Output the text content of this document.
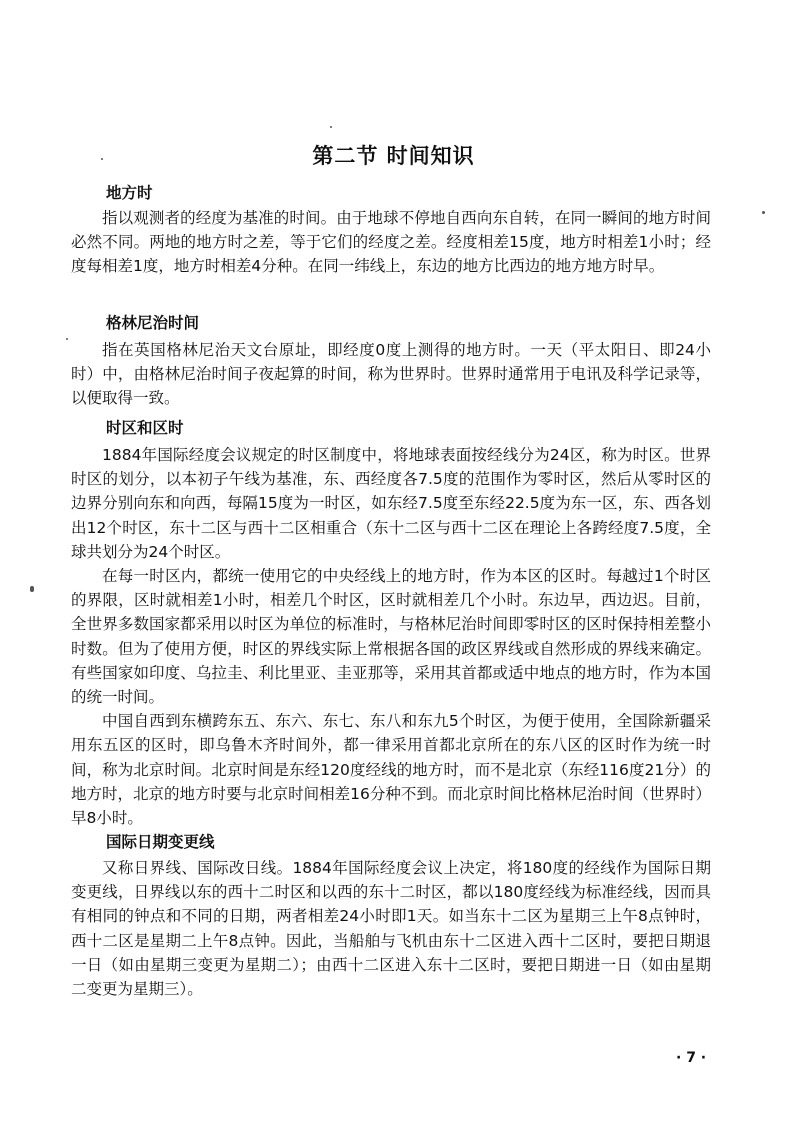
第二节 时间知识
地方时

指以观测者的经度为基准的时间。由于地球不停地自西向东自转，在同一瞬间的地方时间必然不同。两地的地方时之差，等于它们的经度之差。经度相差15度，地方时相差1小时；经度每相差1度，地方时相差4分种。在同一纬线上，东边的地方比西边的地方地方时早。

格林尼治时间

指在英国格林尼治天文台原址，即经度0度上测得的地方时。一天（平太阳日、即24小时）中，由格林尼治时间子夜起算的时间，称为世界时。世界时通常用于电讯及科学记录等，以便取得一致。

时区和区时

1884年国际经度会议规定的时区制度中，将地球表面按经线分为24区，称为时区。世界时区的划分，以本初子午线为基准，东、西经度各7.5度的范围作为零时区，然后从零时区的边界分别向东和向西，每隔15度为一时区，如东经7.5度至东经22.5度为东一区，东、西各划出12个时区，东十二区与西十二区相重合（东十二区与西十二区在理论上各跨经度7.5度，全球共划分为24个时区。

在每一时区内，都统一使用它的中央经线上的地方时，作为本区的区时。每越过1个时区的界限，区时就相差1小时，相差几个时区，区时就相差几个小时。东边早，西边迟。目前，全世界多数国家都采用以时区为单位的标准时，与格林尼治时间即零时区的区时保持相差整小时数。但为了使用方便，时区的界线实际上常根据各国的政区界线或自然形成的界线来确定。有些国家如印度、乌拉圭、利比里亚、圭亚那等，采用其首都或适中地点的地方时，作为本国的统一时间。

中国自西到东横跨东五、东六、东七、东八和东九5个时区，为便于使用，全国除新疆采用东五区的区时，即乌鲁木齐时间外，都一律采用首都北京所在的东八区的区时作为统一时间，称为北京时间。北京时间是东经120度经线的地方时，而不是北京（东经116度21分）的地方时，北京的地方时要与北京时间相差16分种不到。而北京时间比格林尼治时间（世界时）早8小时。

国际日期变更线

又称日界线、国际改日线。1884年国际经度会议上决定，将180度的经线作为国际日期变更线，日界线以东的西十二时区和以西的东十二时区，都以180度经线为标准经线，因而具有相同的钟点和不同的日期，两者相差24小时即1天。如当东十二区为星期三上午8点钟时，西十二区是星期二上午8点钟。因此，当船舶与飞机由东十二区进入西十二区时，要把日期退一日（如由星期三变更为星期二）；由西十二区进入东十二区时，要把日期进一日（如由星期二变更为星期三）。

· 7 ·
